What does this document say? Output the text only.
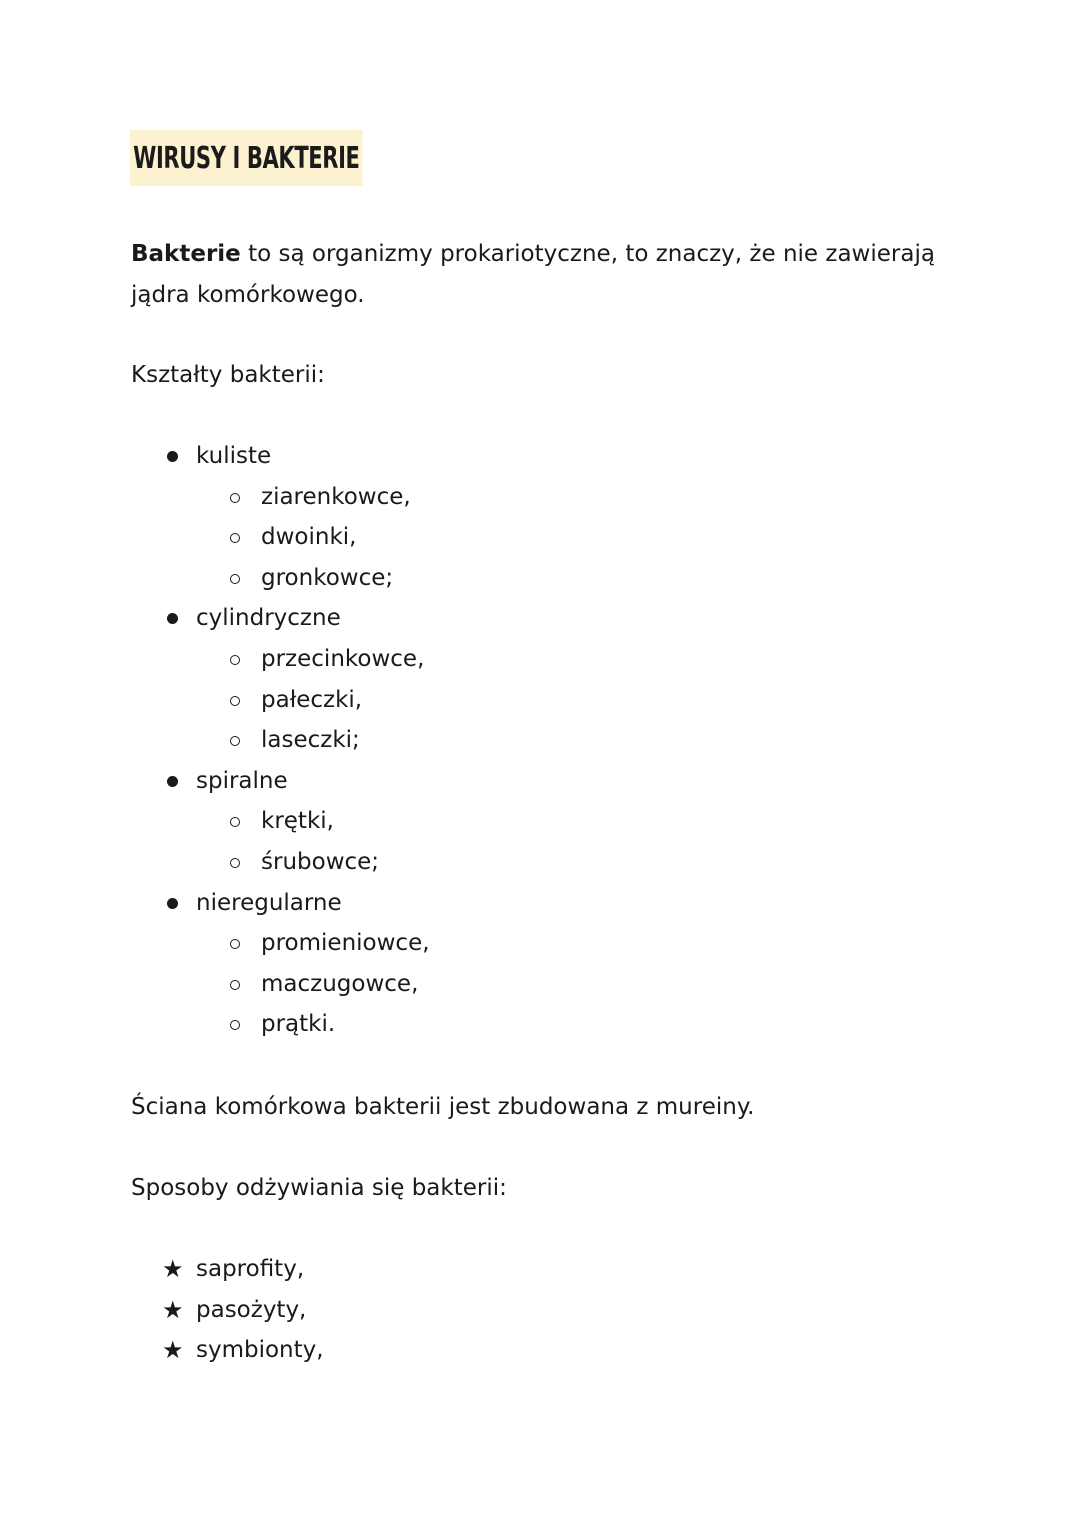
WIRUSY I BAKTERIE
Bakterie to są organizmy prokariotyczne, to znaczy, że nie zawierają jądra komórkowego.
Kształty bakterii:
kuliste
ziarenkowce,
dwoinki,
gronkowce;
cylindryczne
przecinkowce,
pałeczki,
laseczki;
spiralne
krętki,
śrubowce;
nieregularne
promieniowce,
maczugowce,
prątki.
Ściana komórkowa bakterii jest zbudowana z mureiny.
Sposoby odżywiania się bakterii:
★ saprofity,
★ pasożyty,
★ symbionty,
